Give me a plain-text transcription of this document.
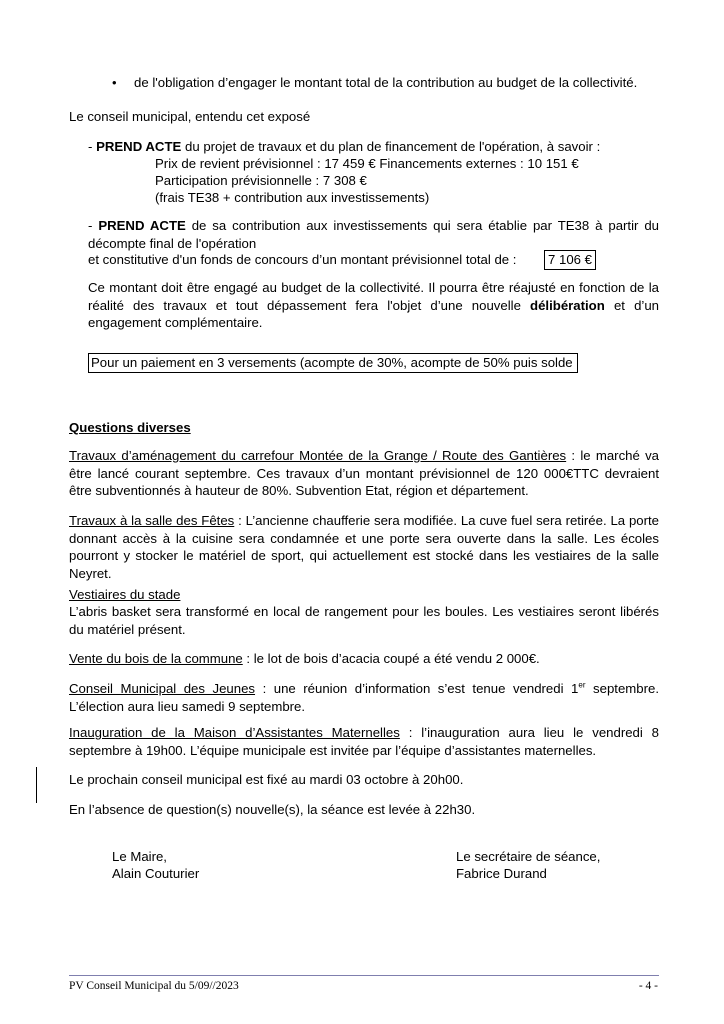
• de l'obligation d’engager le montant total de la contribution au budget de la collectivité.

Le conseil municipal, entendu cet exposé

- PREND ACTE du projet de travaux et du plan de financement de l'opération, à savoir :

Prix de revient prévisionnel : 17 459 € Financements externes : 10 151 €

Participation prévisionnelle : 7 308 €

(frais TE38 + contribution aux investissements)

- PREND ACTE de sa contribution aux investissements qui sera établie par TE38 à partir du décompte final de l'opération

et constitutive d'un fonds de concours d’un montant prévisionnel total de :	7 106 €

Ce montant doit être engagé au budget de la collectivité. Il pourra être réajusté en fonction de la réalité des travaux et tout dépassement fera l'objet d’une nouvelle délibération et d’un engagement complémentaire.

Pour un paiement en 3 versements (acompte de 30%, acompte de 50% puis solde

Questions diverses

Travaux d’aménagement du carrefour Montée de la Grange / Route des Gantières : le marché va être lancé courant septembre. Ces travaux d’un montant prévisionnel de 120 000€TTC devraient être subventionnés à hauteur de 80%. Subvention Etat, région et département.

Travaux à la salle des Fêtes : L’ancienne chaufferie sera modifiée. La cuve fuel sera retirée. La porte donnant accès à la cuisine sera condamnée et une porte sera ouverte dans la salle. Les écoles pourront y stocker le matériel de sport, qui actuellement est stocké dans les vestiaires de la salle Neyret.

Vestiaires du stade

L’abris basket sera transformé en local de rangement pour les boules. Les vestiaires seront libérés du matériel présent.

Vente du bois de la commune : le lot de bois d’acacia coupé a été vendu 2 000€.

Conseil Municipal des Jeunes : une réunion d’information s’est tenue vendredi 1er septembre. L’élection aura lieu samedi 9 septembre.

Inauguration de la Maison d’Assistantes Maternelles : l’inauguration aura lieu le vendredi 8 septembre à 19h00. L’équipe municipale est invitée par l’équipe d’assistantes maternelles.

Le prochain conseil municipal est fixé au mardi 03 octobre à 20h00.

En l’absence de question(s) nouvelle(s), la séance est levée à 22h30.

Le Maire,

Alain Couturier

Le secrétaire de séance,

Fabrice Durand

PV Conseil Municipal du 5/09//2023	- 4 -
